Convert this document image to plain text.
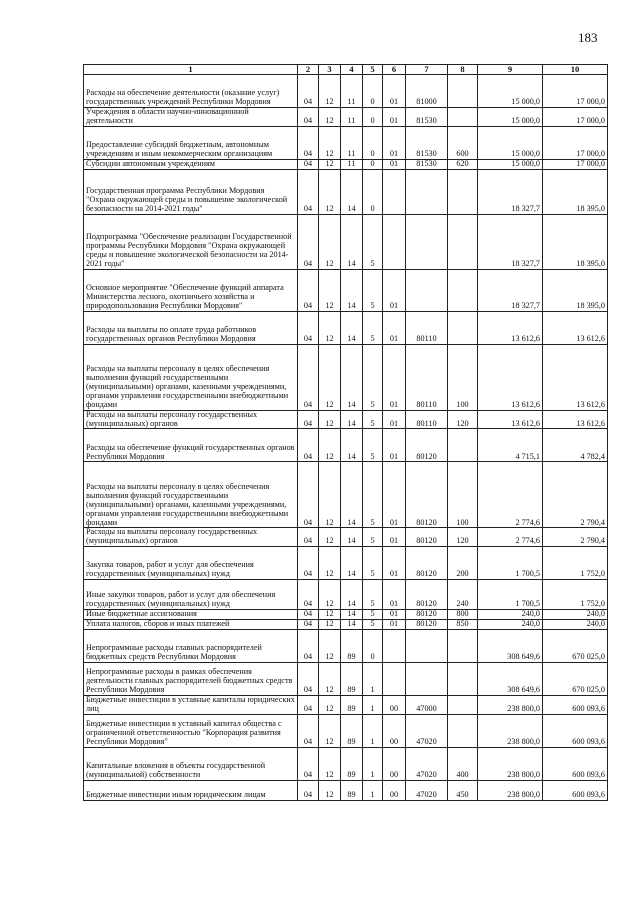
183
1	2	3	4	5	6	7	8	9	10
Расходы на обеспечение деятельности (оказание услуг) государственных учреждений Республики Мордовия	04	12	11	0	01	81000		15 000,0	17 000,0
Учреждения в области научно-инновационной деятельности	04	12	11	0	01	81530		15 000,0	17 000,0
Предоставление субсидий бюджетным, автономным учреждениям и иным некоммерческим организациям	04	12	11	0	01	81530	600	15 000,0	17 000,0
Субсидии автономным учреждениям	04	12	11	0	01	81530	620	15 000,0	17 000,0
Государственная программа Республики Мордовия "Охрана окружающей среды и повышение экологической безопасности на 2014-2021 годы"	04	12	14	0				18 327,7	18 395,0
Подпрограмма "Обеспечение реализации Государственной программы Республики Мордовия "Охрана окружающей среды и повышение экологической безопасности на 2014-2021 годы"	04	12	14	5				18 327,7	18 395,0
Основное мероприятие "Обеспечение функций аппарата Министерства лесного, охотничьего хозяйства и природопользования Республики Мордовия"	04	12	14	5	01			18 327,7	18 395,0
Расходы на выплаты по оплате труда работников государственных органов Республики Мордовия	04	12	14	5	01	80110		13 612,6	13 612,6
Расходы на выплаты персоналу в целях обеспечения выполнения функций государственными (муниципальными) органами, казенными учреждениями, органами управления государственными внебюджетными фондами	04	12	14	5	01	80110	100	13 612,6	13 612,6
Расходы на выплаты персоналу государственных (муниципальных) органов	04	12	14	5	01	80110	120	13 612,6	13 612,6
Расходы на обеспечение функций государственных органов Республики Мордовия	04	12	14	5	01	80120		4 715,1	4 782,4
Расходы на выплаты персоналу в целях обеспечения выполнения функций государственными (муниципальными) органами, казенными учреждениями, органами управления государственными внебюджетными фондами	04	12	14	5	01	80120	100	2 774,6	2 790,4
Расходы на выплаты персоналу государственных (муниципальных) органов	04	12	14	5	01	80120	120	2 774,6	2 790,4
Закупка товаров, работ и услуг для обеспечения государственных (муниципальных) нужд	04	12	14	5	01	80120	200	1 700,5	1 752,0
Иные закупки товаров, работ и услуг для обеспечения государственных (муниципальных) нужд	04	12	14	5	01	80120	240	1 700,5	1 752,0
Иные бюджетные ассигнования	04	12	14	5	01	80120	800	240,0	240,0
Уплата налогов, сборов и иных платежей	04	12	14	5	01	80120	850	240,0	240,0
Непрограммные расходы главных распорядителей бюджетных средств Республики Мордовия	04	12	89	0				308 649,6	670 025,0
Непрограммные расходы в рамках обеспечения деятельности главных распорядителей бюджетных средств Республики Мордовия	04	12	89	1				308 649,6	670 025,0
Бюджетные инвестиции в уставные капиталы юридических лиц	04	12	89	1	00	47000		238 800,0	600 093,6
Бюджетные инвестиции в уставный капитал общества с ограниченной ответственностью "Корпорация развития Республики Мордовия"	04	12	89	1	00	47020		238 800,0	600 093,6
Капитальные вложения в объекты государственной (муниципальной) собственности	04	12	89	1	00	47020	400	238 800,0	600 093,6
Бюджетные инвестиции иным юридическим лицам	04	12	89	1	00	47020	450	238 800,0	600 093,6
